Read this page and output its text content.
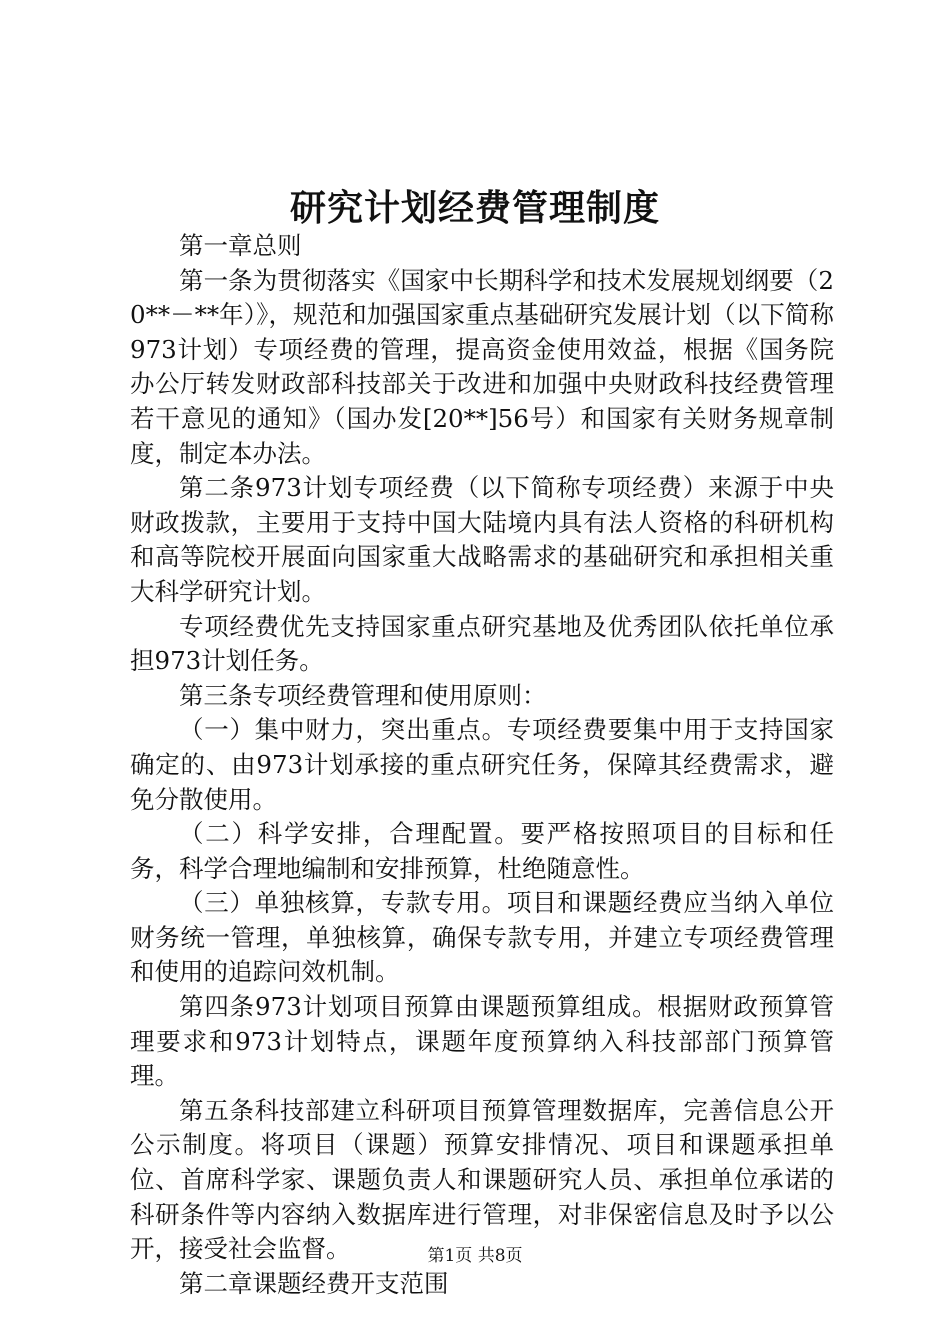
研究计划经费管理制度

第一章总则

第一条为贯彻落实《国家中长期科学和技术发展规划纲要（20**－**年）》，规范和加强国家重点基础研究发展计划（以下简称973计划）专项经费的管理，提高资金使用效益，根据《国务院办公厅转发财政部科技部关于改进和加强中央财政科技经费管理若干意见的通知》（国办发[20**]56号）和国家有关财务规章制度，制定本办法。

第二条973计划专项经费（以下简称专项经费）来源于中央财政拨款，主要用于支持中国大陆境内具有法人资格的科研机构和高等院校开展面向国家重大战略需求的基础研究和承担相关重大科学研究计划。

专项经费优先支持国家重点研究基地及优秀团队依托单位承担973计划任务。

第三条专项经费管理和使用原则：

（一）集中财力，突出重点。专项经费要集中用于支持国家确定的、由973计划承接的重点研究任务，保障其经费需求，避免分散使用。

（二）科学安排，合理配置。要严格按照项目的目标和任务，科学合理地编制和安排预算，杜绝随意性。

（三）单独核算，专款专用。项目和课题经费应当纳入单位财务统一管理，单独核算，确保专款专用，并建立专项经费管理和使用的追踪问效机制。

第四条973计划项目预算由课题预算组成。根据财政预算管理要求和973计划特点，课题年度预算纳入科技部部门预算管理。

第五条科技部建立科研项目预算管理数据库，完善信息公开公示制度。将项目（课题）预算安排情况、项目和课题承担单位、首席科学家、课题负责人和课题研究人员、承担单位承诺的科研条件等内容纳入数据库进行管理，对非保密信息及时予以公开，接受社会监督。

第二章课题经费开支范围

第1页 共8页
